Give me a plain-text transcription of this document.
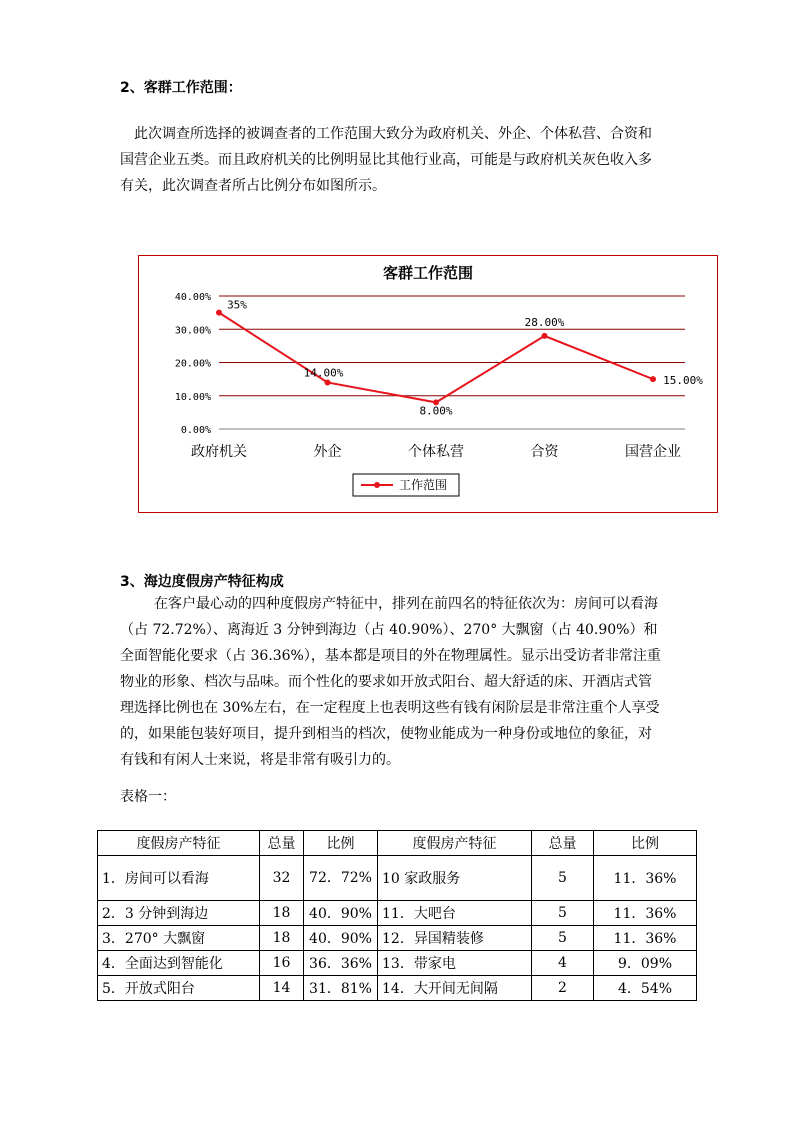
2、客群工作范围：
此次调查所选择的被调查者的工作范围大致分为政府机关、外企、个体私营、合资和
国营企业五类。而且政府机关的比例明显比其他行业高，可能是与政府机关灰色收入多
有关，此次调查者所占比例分布如图所示。
客群工作范围
0.00%
10.00%
20.00%
30.00%
40.00%
政府机关	外企	个体私营	合资	国营企业
35%
14.00%
8.00%
28.00%
15.00%
工作范围
3、海边度假房产特征构成
在客户最心动的四种度假房产特征中，排列在前四名的特征依次为：房间可以看海
（占 72.72%）、离海近 3 分钟到海边（占 40.90%）、270° 大飘窗（占 40.90%）和
全面智能化要求（占 36.36%），基本都是项目的外在物理属性。显示出受访者非常注重
物业的形象、档次与品味。而个性化的要求如开放式阳台、超大舒适的床、开酒店式管
理选择比例也在 30%左右，在一定程度上也表明这些有钱有闲阶层是非常注重个人享受
的，如果能包装好项目，提升到相当的档次，使物业能成为一种身份或地位的象征，对
有钱和有闲人士来说，将是非常有吸引力的。
表格一：
度假房产特征	总量	比例	度假房产特征	总量	比例
1．房间可以看海	32	72．72%	10 家政服务	5	11．36%
2．3 分钟到海边	18	40．90%	11．大吧台	5	11．36%
3．270° 大飘窗	18	40．90%	12．异国精装修	5	11．36%
4．全面达到智能化	16	36．36%	13．带家电	4	9．09%
5．开放式阳台	14	31．81%	14．大开间无间隔	2	4．54%
